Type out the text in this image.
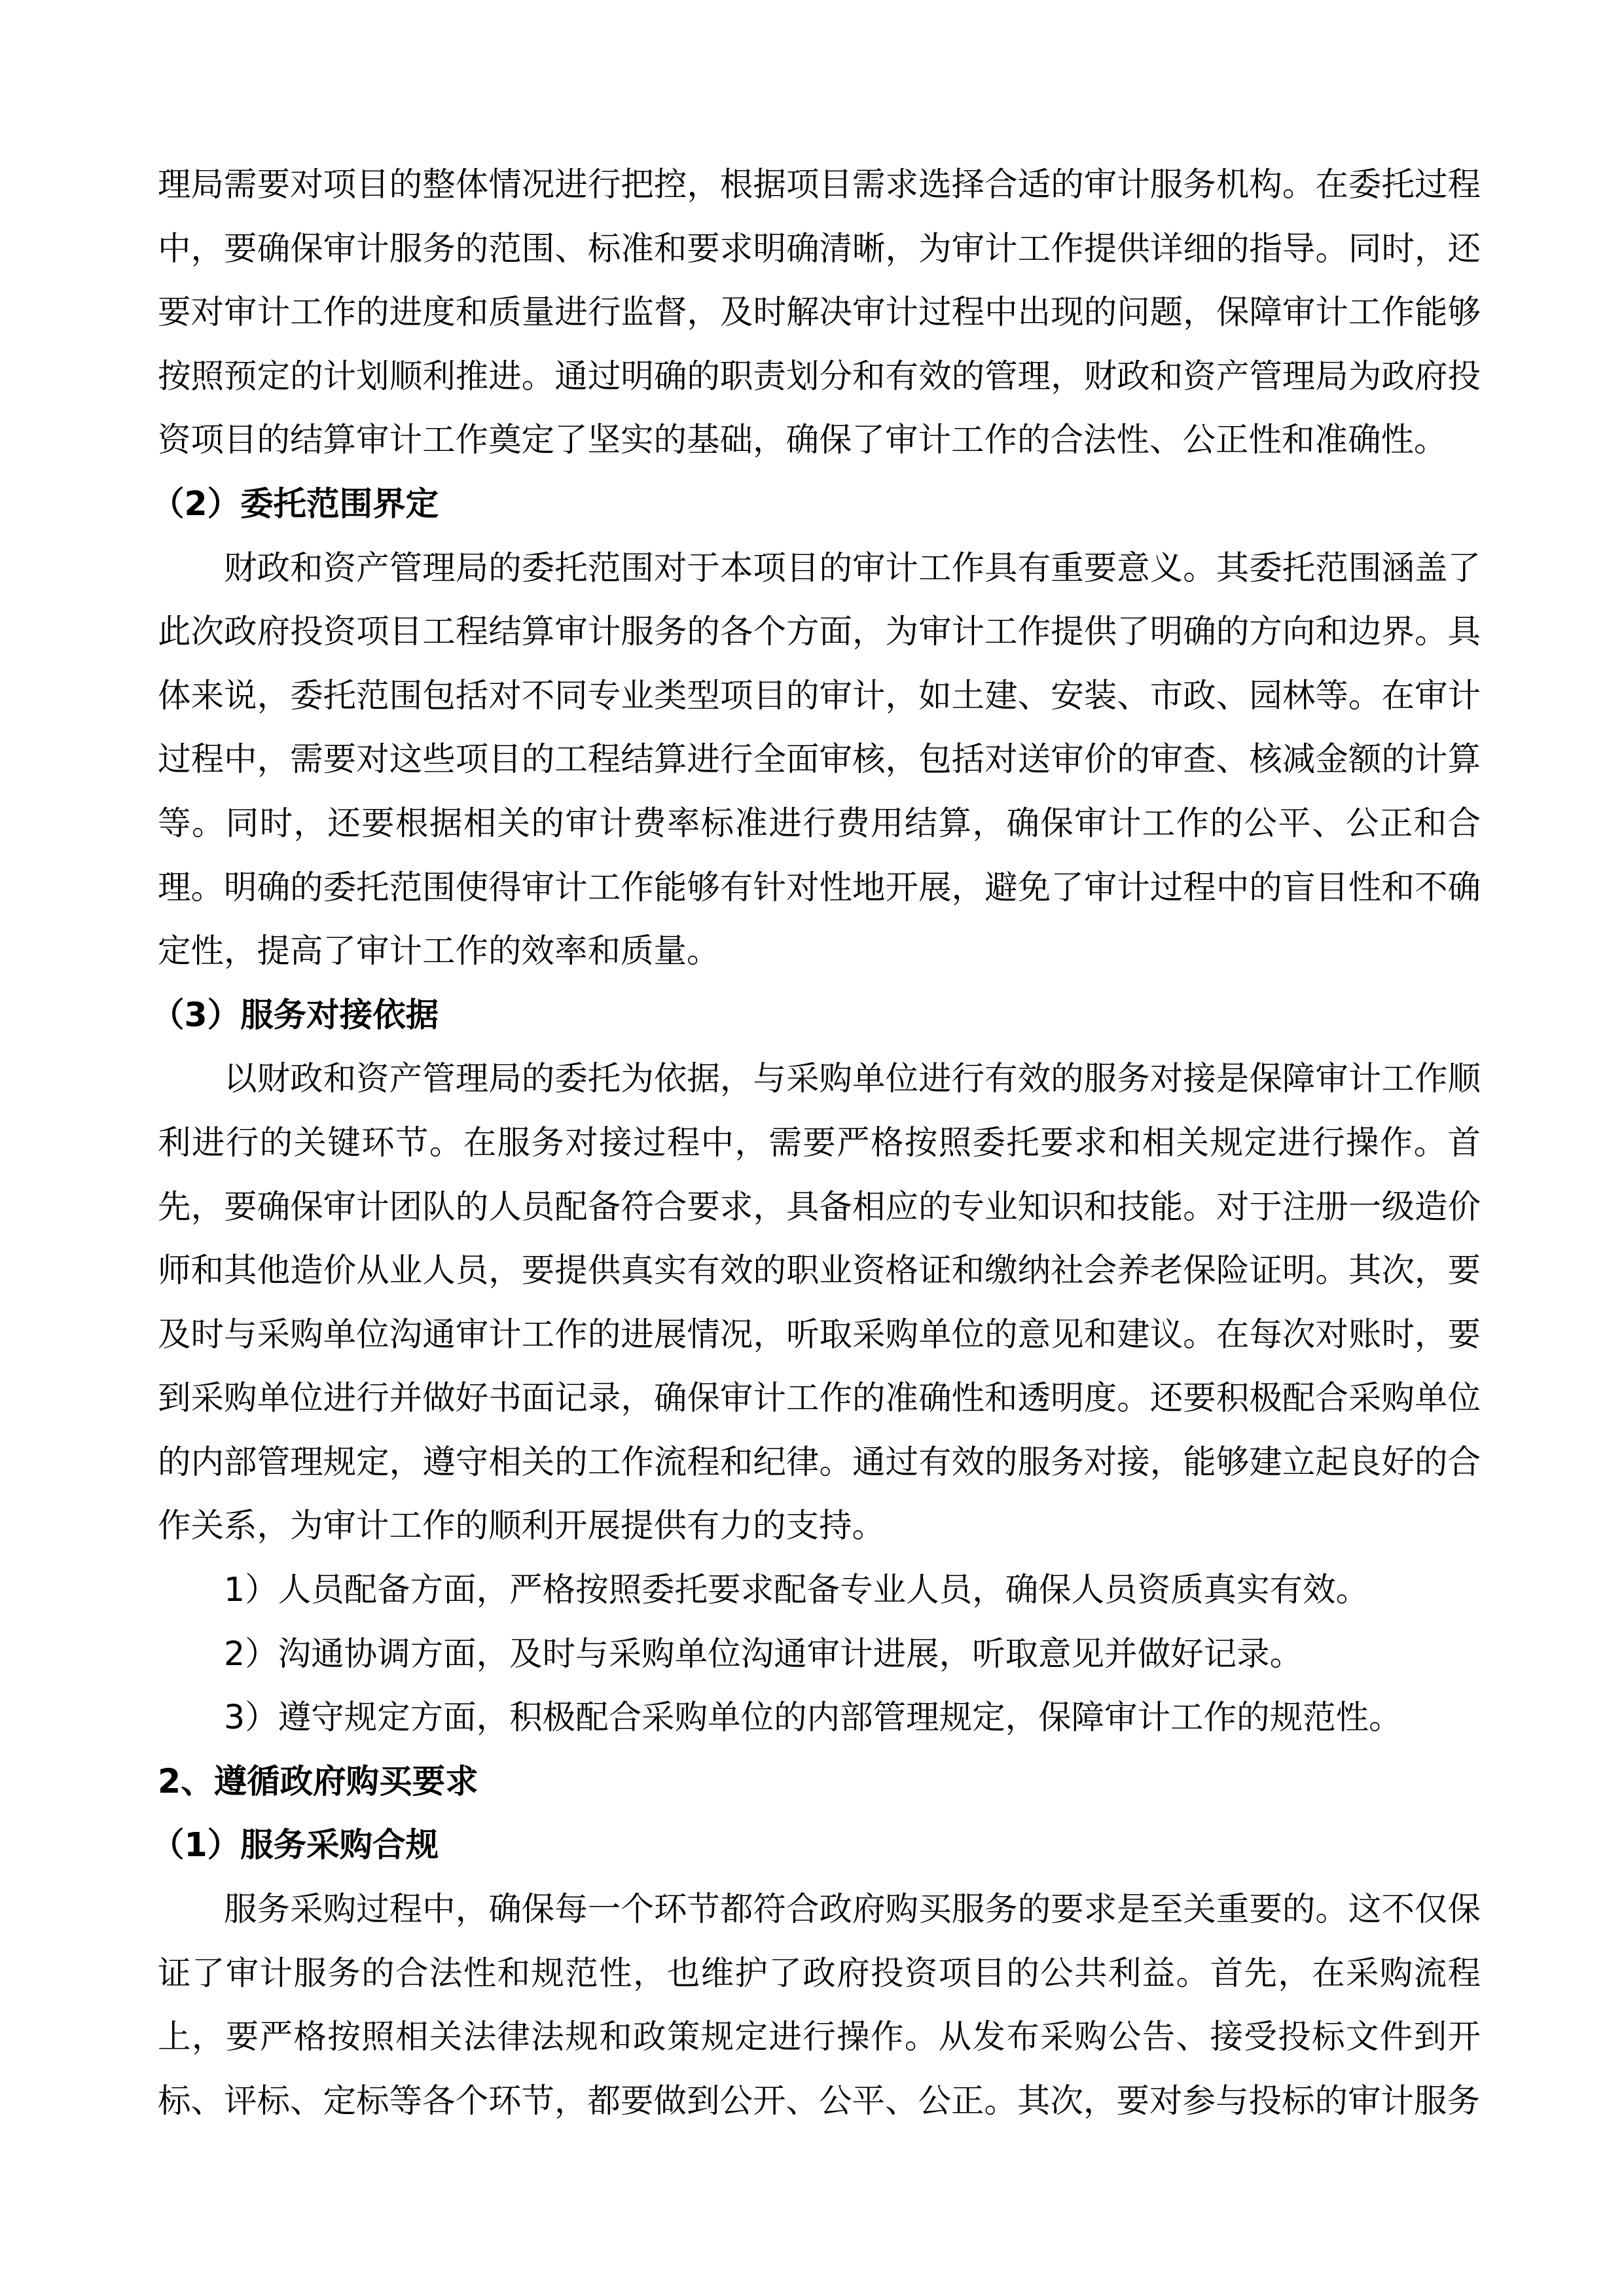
理局需要对项目的整体情况进行把控，根据项目需求选择合适的审计服务机构。在委托过程
中，要确保审计服务的范围、标准和要求明确清晰，为审计工作提供详细的指导。同时，还
要对审计工作的进度和质量进行监督，及时解决审计过程中出现的问题，保障审计工作能够
按照预定的计划顺利推进。通过明确的职责划分和有效的管理，财政和资产管理局为政府投
资项目的结算审计工作奠定了坚实的基础，确保了审计工作的合法性、公正性和准确性。
（2）委托范围界定
财政和资产管理局的委托范围对于本项目的审计工作具有重要意义。其委托范围涵盖了
此次政府投资项目工程结算审计服务的各个方面，为审计工作提供了明确的方向和边界。具
体来说，委托范围包括对不同专业类型项目的审计，如土建、安装、市政、园林等。在审计
过程中，需要对这些项目的工程结算进行全面审核，包括对送审价的审查、核减金额的计算
等。同时，还要根据相关的审计费率标准进行费用结算，确保审计工作的公平、公正和合
理。明确的委托范围使得审计工作能够有针对性地开展，避免了审计过程中的盲目性和不确
定性，提高了审计工作的效率和质量。
（3）服务对接依据
以财政和资产管理局的委托为依据，与采购单位进行有效的服务对接是保障审计工作顺
利进行的关键环节。在服务对接过程中，需要严格按照委托要求和相关规定进行操作。首
先，要确保审计团队的人员配备符合要求，具备相应的专业知识和技能。对于注册一级造价
师和其他造价从业人员，要提供真实有效的职业资格证和缴纳社会养老保险证明。其次，要
及时与采购单位沟通审计工作的进展情况，听取采购单位的意见和建议。在每次对账时，要
到采购单位进行并做好书面记录，确保审计工作的准确性和透明度。还要积极配合采购单位
的内部管理规定，遵守相关的工作流程和纪律。通过有效的服务对接，能够建立起良好的合
作关系，为审计工作的顺利开展提供有力的支持。
1）人员配备方面，严格按照委托要求配备专业人员，确保人员资质真实有效。
2）沟通协调方面，及时与采购单位沟通审计进展，听取意见并做好记录。
3）遵守规定方面，积极配合采购单位的内部管理规定，保障审计工作的规范性。
2、遵循政府购买要求
（1）服务采购合规
服务采购过程中，确保每一个环节都符合政府购买服务的要求是至关重要的。这不仅保
证了审计服务的合法性和规范性，也维护了政府投资项目的公共利益。首先，在采购流程
上，要严格按照相关法律法规和政策规定进行操作。从发布采购公告、接受投标文件到开
标、评标、定标等各个环节，都要做到公开、公平、公正。其次，要对参与投标的审计服务
